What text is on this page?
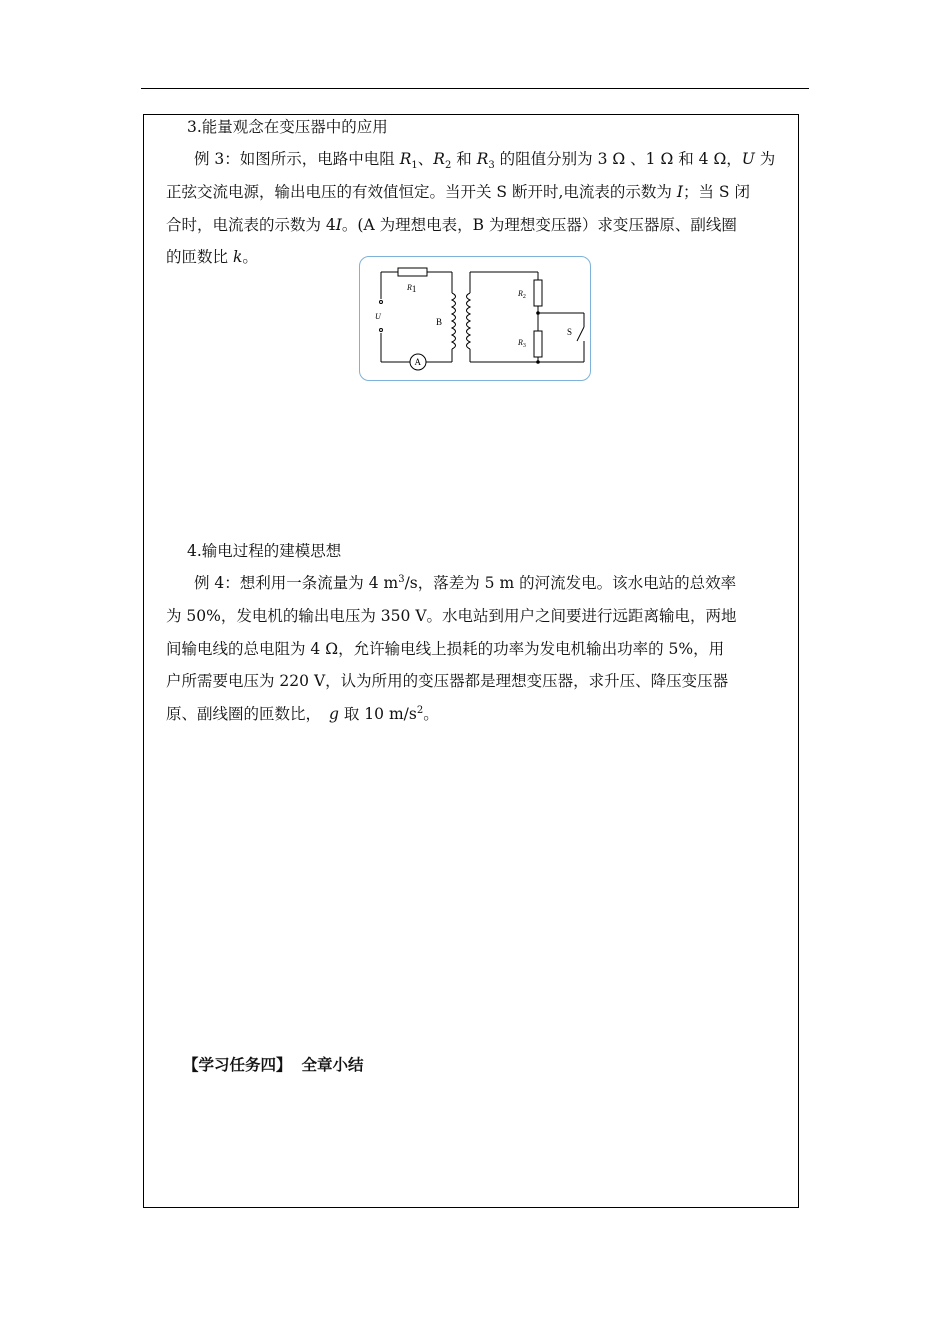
3.能量观念在变压器中的应用
例 3：如图所示，电路中电阻 $R_1$、$R_2$ 和 $R_3$ 的阻值分别为 3 Ω 、1 Ω 和 4 Ω，U 为
正弦交流电源，输出电压的有效值恒定。当开关 S 断开时,电流表的示数为 I；当 S 闭
合时，电流表的示数为 4I。(A 为理想电表，B 为理想变压器）求变压器原、副线圈
的匝数比 k。
R1	$R_2$
$R_3$
U
B
S
A
4.输电过程的建模思想
例 4：想利用一条流量为 4 $m^3/s$，落差为 5 m 的河流发电。该水电站的总效率
为 50%，发电机的输出电压为 350 V。水电站到用户之间要进行远距离输电，两地
间输电线的总电阻为 4 Ω，允许输电线上损耗的功率为发电机输出功率的 5%，用
户所需要电压为 220 V，认为所用的变压器都是理想变压器，求升压、降压变压器
原、副线圈的匝数比， g 取 10 $m/s^2$。
【学习任务四】 全章小结
